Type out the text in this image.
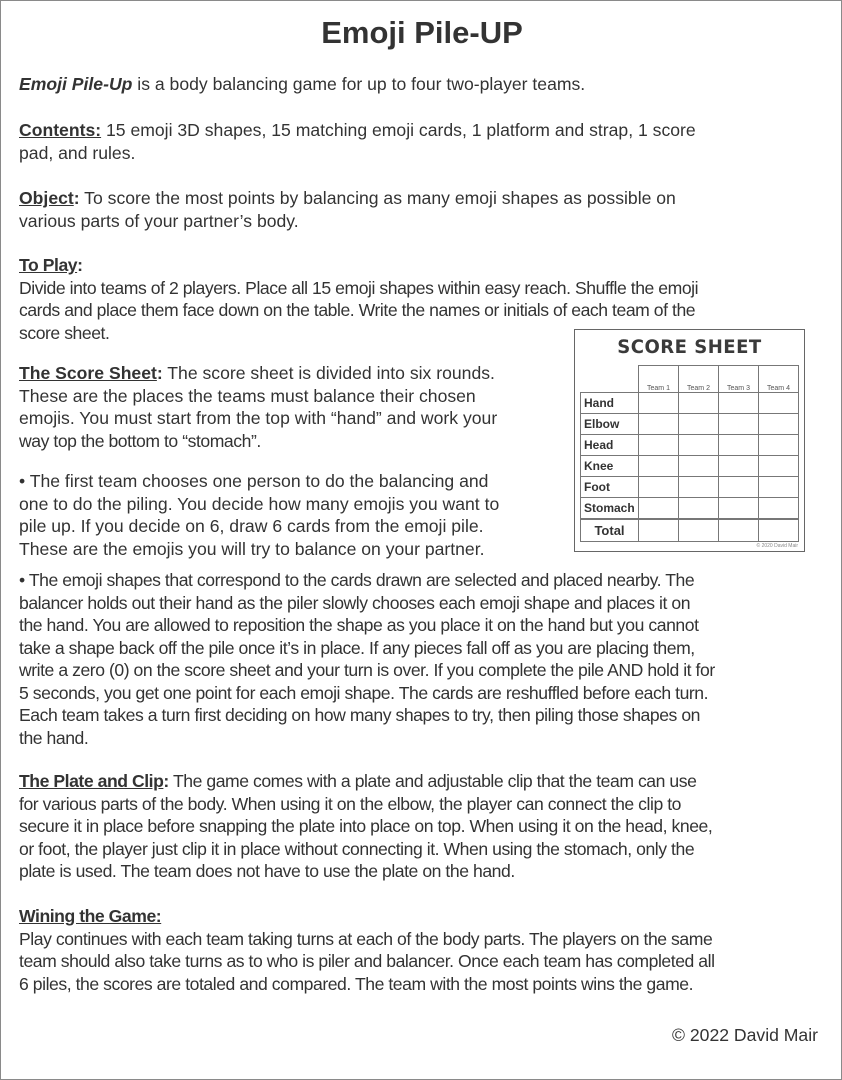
Emoji Pile-UP
Emoji Pile-Up is a body balancing game for up to four two-player teams.
Contents: 15 emoji 3D shapes, 15 matching emoji cards, 1 platform and strap, 1 score
pad, and rules.
Object: To score the most points by balancing as many emoji shapes as possible on
various parts of your partner’s body.
To Play:
Divide into teams of 2 players. Place all 15 emoji shapes within easy reach. Shuffle the emoji
cards and place them face down on the table. Write the names or initials of each team of the
score sheet.
The Score Sheet: The score sheet is divided into six rounds.
These are the places the teams must balance their chosen
emojis. You must start from the top with “hand” and work your
way top the bottom to “stomach”.
• The first team chooses one person to do the balancing and
one to do the piling. You decide how many emojis you want to
pile up. If you decide on 6, draw 6 cards from the emoji pile.
These are the emojis you will try to balance on your partner.
SCORE SHEET
	Team 1	Team 2	Team 3	Team 4
Hand				
Elbow				
Head				
Knee				
Foot				
Stomach				
Total				
© 2020 David Mair
• The emoji shapes that correspond to the cards drawn are selected and placed nearby. The
balancer holds out their hand as the piler slowly chooses each emoji shape and places it on
the hand. You are allowed to reposition the shape as you place it on the hand but you cannot
take a shape back off the pile once it’s in place. If any pieces fall off as you are placing them,
write a zero (0) on the score sheet and your turn is over. If you complete the pile AND hold it for
5 seconds, you get one point for each emoji shape. The cards are reshuffled before each turn.
Each team takes a turn first deciding on how many shapes to try, then piling those shapes on
the hand.
The Plate and Clip: The game comes with a plate and adjustable clip that the team can use
for various parts of the body. When using it on the elbow, the player can connect the clip to
secure it in place before snapping the plate into place on top. When using it on the head, knee,
or foot, the player just clip it in place without connecting it. When using the stomach, only the
plate is used. The team does not have to use the plate on the hand.
Wining the Game:
Play continues with each team taking turns at each of the body parts. The players on the same
team should also take turns as to who is piler and balancer. Once each team has completed all
6 piles, the scores are totaled and compared. The team with the most points wins the game.
© 2022 David Mair
